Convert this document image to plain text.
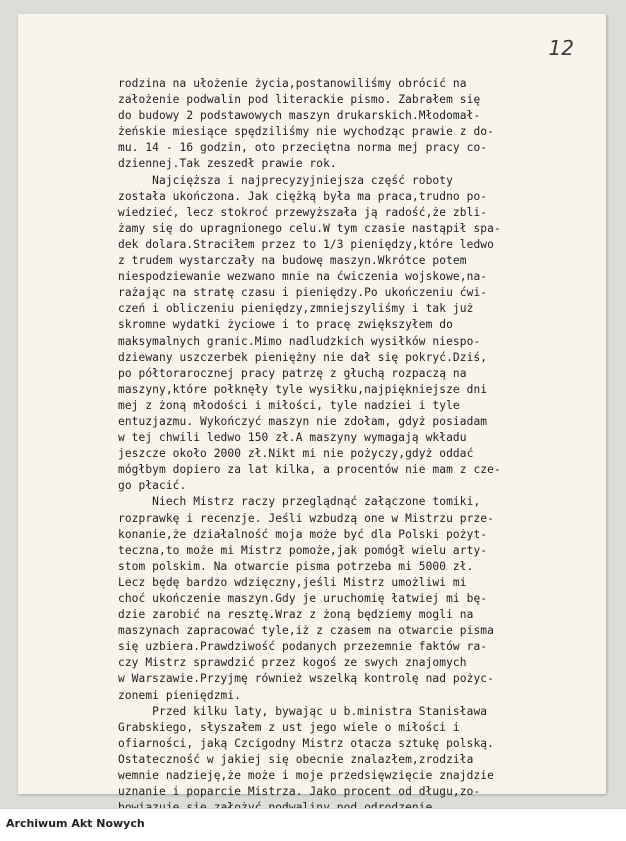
12
rodzina na ułożenie życia,postanowiliśmy obrócić na
założenie podwalin pod literackie pismo. Zabrałem się
do budowy 2 podstawowych maszyn drukarskich.Młodomał-
żeńskie miesiące spędziliśmy nie wychodząc prawie z do-
mu. 14 - 16 godzin, oto przeciętna norma mej pracy co-
dziennej.Tak zeszedł prawie rok.
Najcięższa i najprecyzyjniejsza część roboty
została ukończona. Jak ciężką była ma praca,trudno po-
wiedzieć, lecz stokroć przewyższała ją radość,że zbli-
żamy się do upragnionego celu.W tym czasie nastąpił spa-
dek dolara.Straciłem przez to 1/3 pieniędzy,które ledwo
z trudem wystarczały na budowę maszyn.Wkrótce potem
niespodziewanie wezwano mnie na ćwiczenia wojskowe,na-
rażając na stratę czasu i pieniędzy.Po ukończeniu ćwi-
czeń i obliczeniu pieniędzy,zmniejszyliśmy i tak już
skromne wydatki życiowe i to pracę zwiększyłem do
maksymalnych granic.Mimo nadludzkich wysiłków niespo-
dziewany uszczerbek pieniężny nie dał się pokryć.Dziś,
po półtorarocznej pracy patrzę z głuchą rozpaczą na
maszyny,które połknęły tyle wysiłku,najpiękniejsze dni
mej z żoną młodości i miłości, tyle nadziei i tyle
entuzjazmu. Wykończyć maszyn nie zdołam, gdyż posiadam
w tej chwili ledwo 150 zł.A maszyny wymagają wkładu
jeszcze około 2000 zł.Nikt mi nie pożyczy,gdyż oddać
mógłbym dopiero za lat kilka, a procentów nie mam z cze-
go płacić.
Niech Mistrz raczy przeglądnąć załączone tomiki,
rozprawkę i recenzje. Jeśli wzbudzą one w Mistrzu prze-
konanie,że działalność moja może być dla Polski pożyt-
teczna,to może mi Mistrz pomoże,jak pomógł wielu arty-
stom polskim. Na otwarcie pisma potrzeba mi 5000 zł.
Lecz będę bardzo wdzięczny,jeśli Mistrz umożliwi mi
choć ukończenie maszyn.Gdy je uruchomię łatwiej mi bę-
dzie zarobić na resztę.Wraz z żoną będziemy mogli na
maszynach zapracować tyle,iż z czasem na otwarcie pisma
się uzbiera.Prawdziwość podanych przezemnie faktów ra-
czy Mistrz sprawdzić przez kogoś ze swych znajomych
w Warszawie.Przyjmę również wszelką kontrolę nad pożyc-
zonemi pieniędzmi.
Przed kilku laty, bywając u b.ministra Stanisława
Grabskiego, słyszałem z ust jego wiele o miłości i
ofiarności, jaką Czcigodny Mistrz otacza sztukę polską.
Ostateczność w jakiej się obecnie znalazłem,zrodziła
wemnie nadzieję,że może i moje przedsięwzięcie znajdzie
uznanie i poparcie Mistrza. Jako procent od długu,zo-
Archiwum Akt Nowych
